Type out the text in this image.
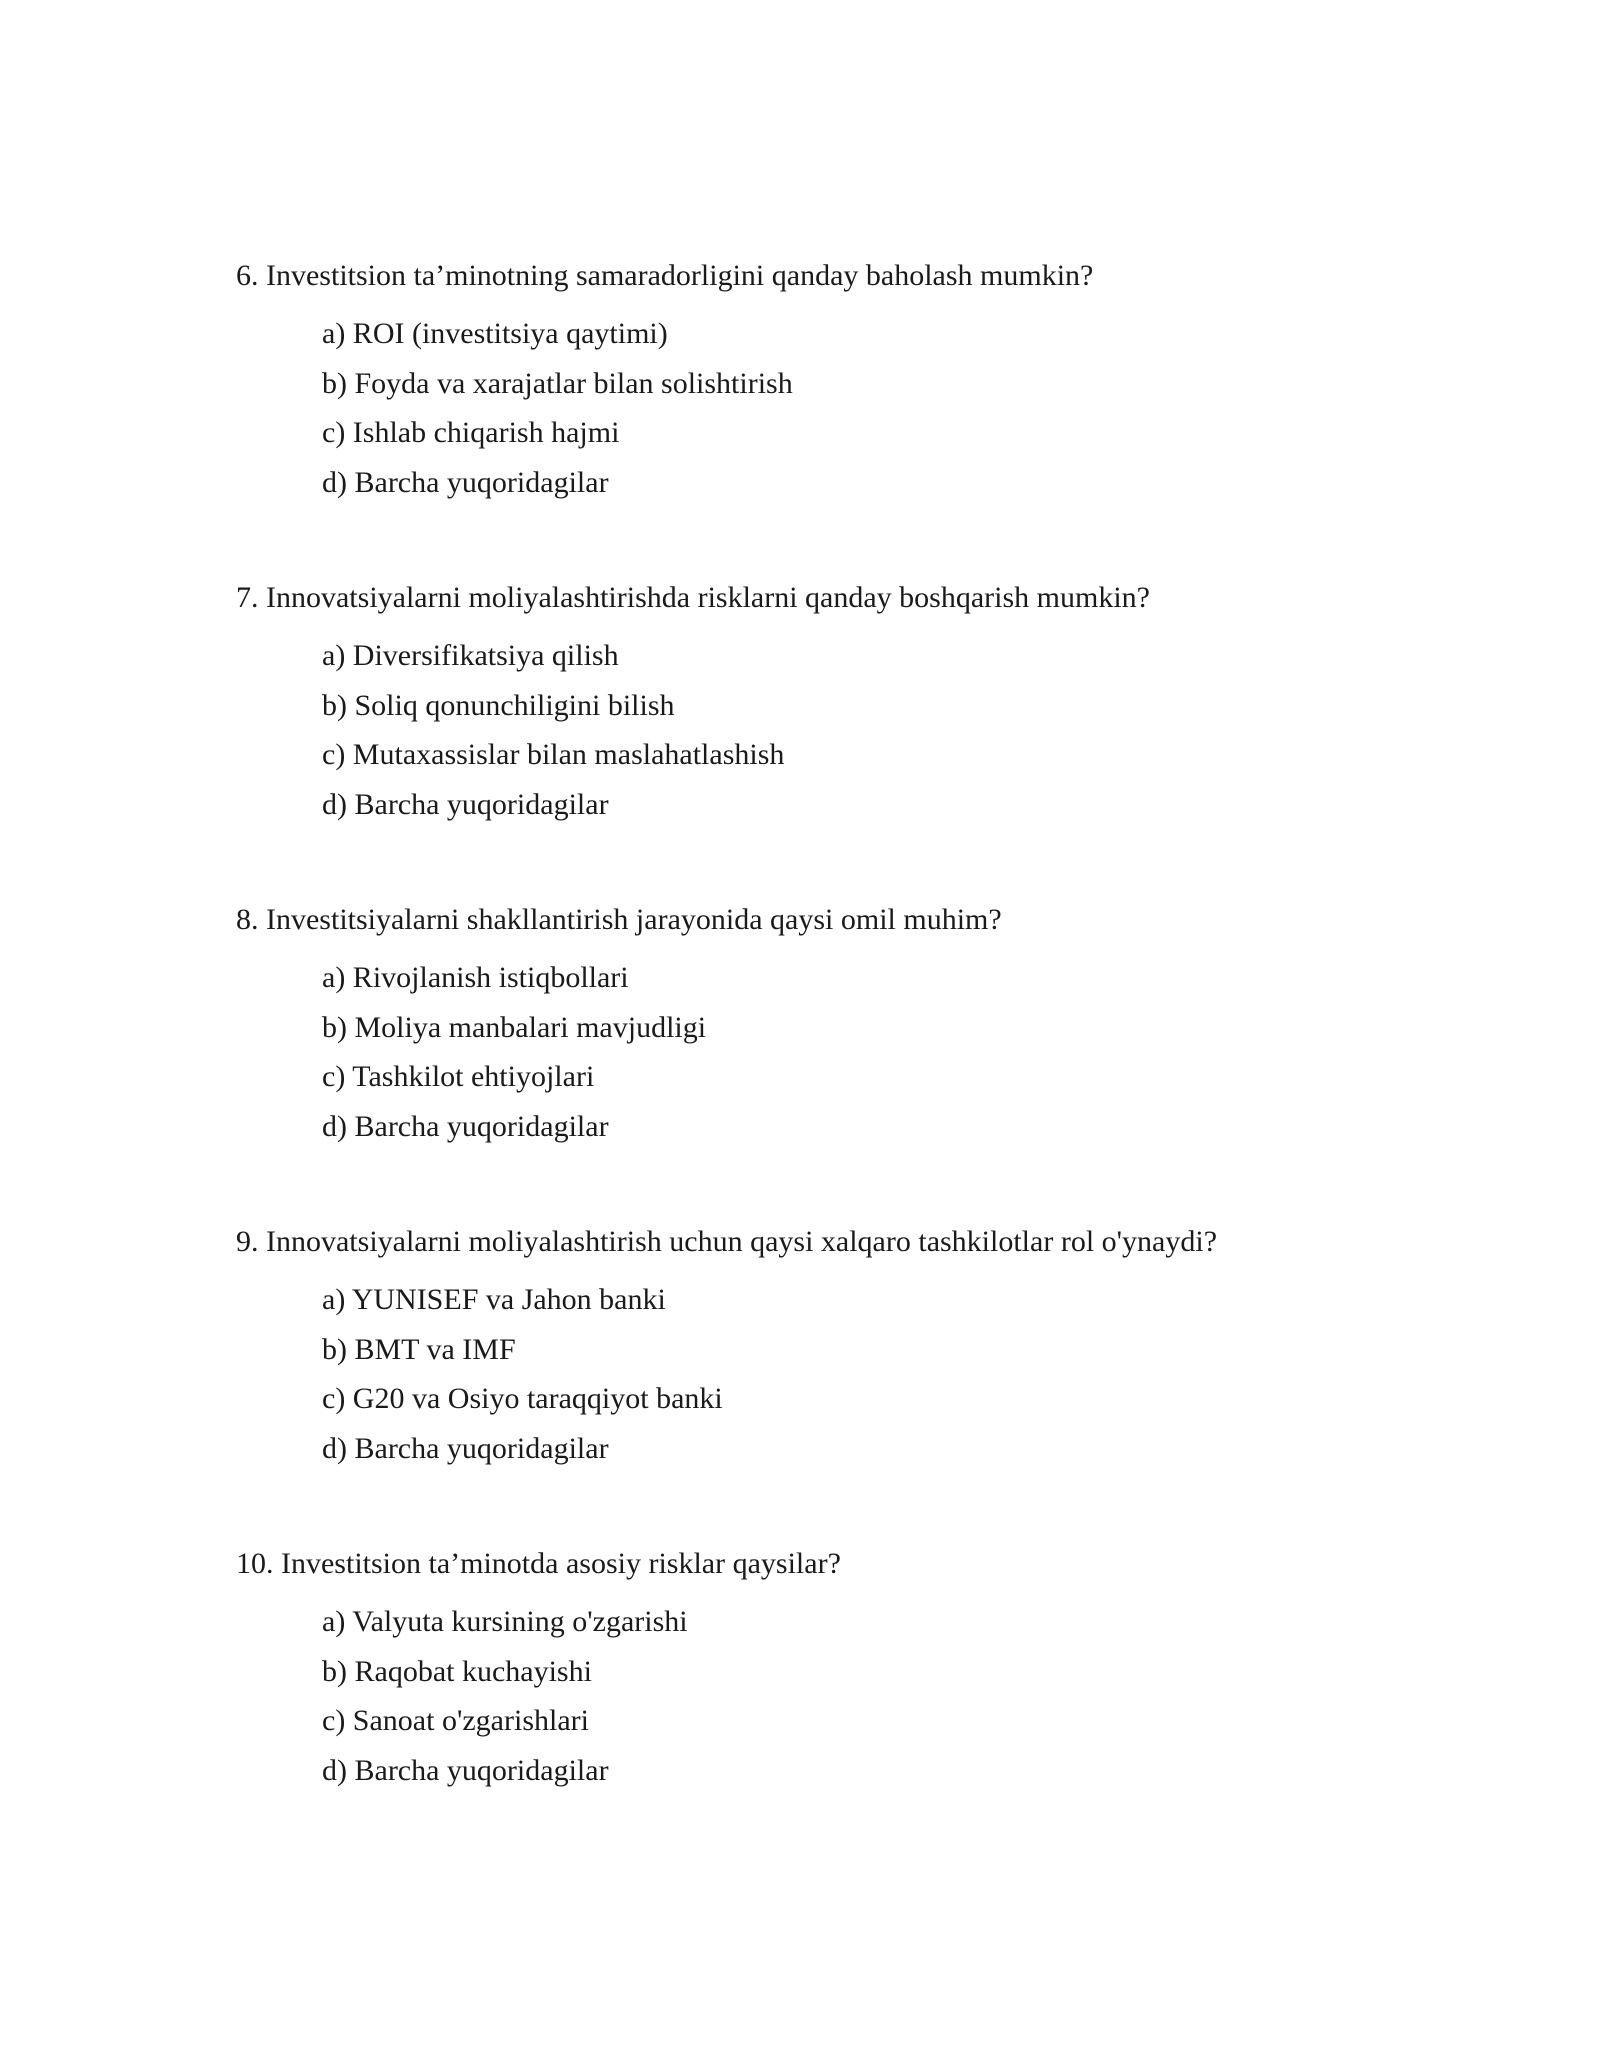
6. Investitsion ta’minotning samaradorligini qanday baholash mumkin?

a) ROI (investitsiya qaytimi)
b) Foyda va xarajatlar bilan solishtirish
c) Ishlab chiqarish hajmi
d) Barcha yuqoridagilar

7. Innovatsiyalarni moliyalashtirishda risklarni qanday boshqarish mumkin?

a) Diversifikatsiya qilish
b) Soliq qonunchiligini bilish
c) Mutaxassislar bilan maslahatlashish
d) Barcha yuqoridagilar

8. Investitsiyalarni shakllantirish jarayonida qaysi omil muhim?

a) Rivojlanish istiqbollari
b) Moliya manbalari mavjudligi
c) Tashkilot ehtiyojlari
d) Barcha yuqoridagilar

9. Innovatsiyalarni moliyalashtirish uchun qaysi xalqaro tashkilotlar rol o'ynaydi?

a) YUNISEF va Jahon banki
b) BMT va IMF
c) G20 va Osiyo taraqqiyot banki
d) Barcha yuqoridagilar

10. Investitsion ta’minotda asosiy risklar qaysilar?

a) Valyuta kursining o'zgarishi
b) Raqobat kuchayishi
c) Sanoat o'zgarishlari
d) Barcha yuqoridagilar
